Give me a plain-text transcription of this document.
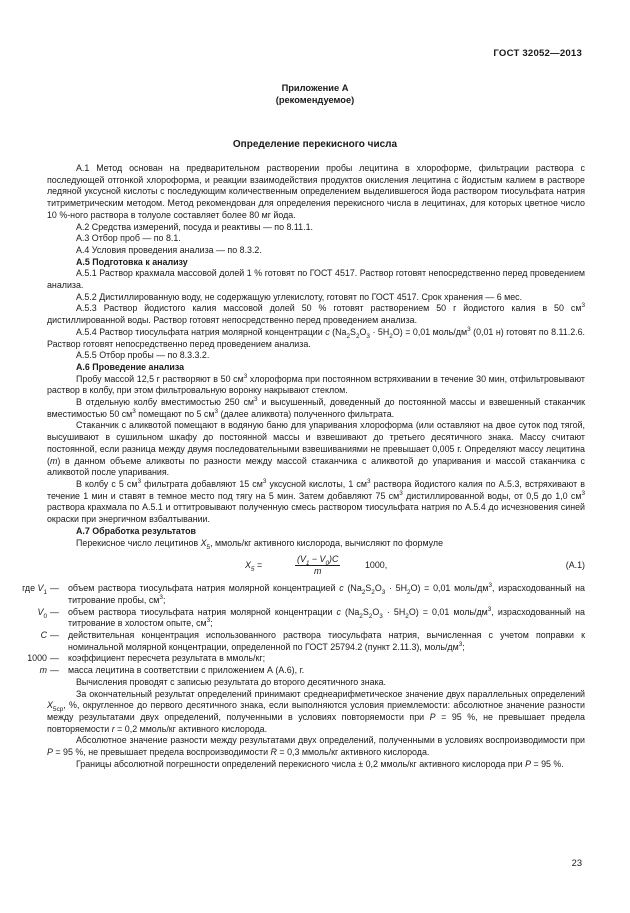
ГОСТ 32052—2013
Приложение А
(рекомендуемое)
Определение перекисного числа

А.1 Метод основан на предварительном растворении пробы лецитина в хлороформе, фильтрации раствора с последующей отгонкой хлороформа, и реакции взаимодействия продуктов окисления лецитина с йодистым калием в растворе ледяной уксусной кислоты с последующим количественным определением выделившегося йода раствором тиосульфата натрия титриметрическим методом. Метод рекомендован для определения перекисного числа в лецитинах, для которых цветное число 10 %-ного раствора в толуоле составляет более 80 мг йода.

А.2 Средства измерений, посуда и реактивы — по 8.11.1.

А.3 Отбор проб — по 8.1.

А.4 Условия проведения анализа — по 8.3.2.

А.5 Подготовка к анализу

А.5.1 Раствор крахмала массовой долей 1 % готовят по ГОСТ 4517. Раствор готовят непосредственно перед проведением анализа.

А.5.2 Дистиллированную воду, не содержащую углекислоту, готовят по ГОСТ 4517. Срок хранения — 6 мес.

А.5.3 Раствор йодистого калия массовой долей 50 % готовят растворением 50 г йодистого калия в 50 $см^3$ дистиллированной воды. Раствор готовят непосредственно перед проведением анализа.

А.5.4 Раствор тиосульфата натрия молярной концентрации c $(Na_2S_2O_3 \cdot 5H_2O) = 0,01$ моль/$дм^3$ (0,01 н) готовят по 8.11.2.6. Раствор готовят непосредственно перед проведением анализа.

А.5.5 Отбор пробы — по 8.3.3.2.

А.6 Проведение анализа

Пробу массой 12,5 г растворяют в 50 $см^3$ хлороформа при постоянном встряхивании в течение 30 мин, отфильтровывают раствор в колбу, при этом фильтровальную воронку накрывают стеклом.

В отдельную колбу вместимостью 250 $см^3$ и высушенный, доведенный до постоянной массы и взвешенный стаканчик вместимостью 50 $см^3$ помещают по 5 $см^3$ (далее аликвота) полученного фильтрата.

Стаканчик с аликвотой помещают в водяную баню для упаривания хлороформа (или оставляют на двое суток под тягой, высушивают в сушильном шкафу до постоянной массы и взвешивают до третьего десятичного знака. Массу считают постоянной, если разница между двумя последовательными взвешиваниями не превышает 0,005 г. Определяют массу лецитина (m) в данном объеме аликвоты по разности между массой стаканчика с аликвотой до упаривания и массой стаканчика с аликвотой после упаривания.

В колбу с 5 $см^3$ фильтрата добавляют 15 $см^3$ уксусной кислоты, 1 $см^3$ раствора йодистого калия по А.5.3, встряхивают в течение 1 мин и ставят в темное место под тягу на 5 мин. Затем добавляют 75 $см^3$ дистиллированной воды, от 0,5 до 1,0 $см^3$ раствора крахмала по А.5.1 и оттитровывают полученную смесь раствором тиосульфата натрия по А.5.4 до исчезновения синей окраски при энергичном взбалтывании.

А.7 Обработка результатов

Перекисное число лецитинов $X_5$, ммоль/кг активного кислорода, вычисляют по формуле

$X_5$ =	$\frac{(V_1 - V_0)C}{m}$	1000,	(А.1)
где $V_1$ —	объем раствора тиосульфата натрия молярной концентрацией c $(Na_2S_2O_3 \cdot 5H_2O) = 0,01$ моль/$дм^3$, израсходованный на титрование пробы, $см^3$;
$V_0$ —	объем раствора тиосульфата натрия молярной концентрации c $(Na_2S_2O_3 \cdot 5H_2O) = 0,01$ моль/$дм^3$, израсходованный на титрование в холостом опыте, $см^3$;
C —	действительная концентрация использованного раствора тиосульфата натрия, вычисленная с учетом поправки к номинальной молярной концентрации, определенной по ГОСТ 25794.2 (пункт 2.11.3), моль/$дм^3$;
1000 —	коэффициент пересчета результата в ммоль/кг;
m —	масса лецитина в соответствии с приложением А (А.6), г.

Вычисления проводят с записью результата до второго десятичного знака.

За окончательный результат определений принимают среднеарифметическое значение двух параллельных определений $X_{5ср}$, %, округленное до первого десятичного знака, если выполняются условия приемлемости: абсолютное значение разности между результатами двух определений, полученными в условиях повторяемости при P = 95 %, не превышает предела повторяемости r = 0,2 ммоль/кг активного кислорода.

Абсолютное значение разности между результатами двух определений, полученными в условиях воспроизводимости при P = 95 %, не превышает предела воспроизводимости R = 0,3 ммоль/кг активного кислорода.

Границы абсолютной погрешности определений перекисного числа ± 0,2 ммоль/кг активного кислорода при P = 95 %.

23
